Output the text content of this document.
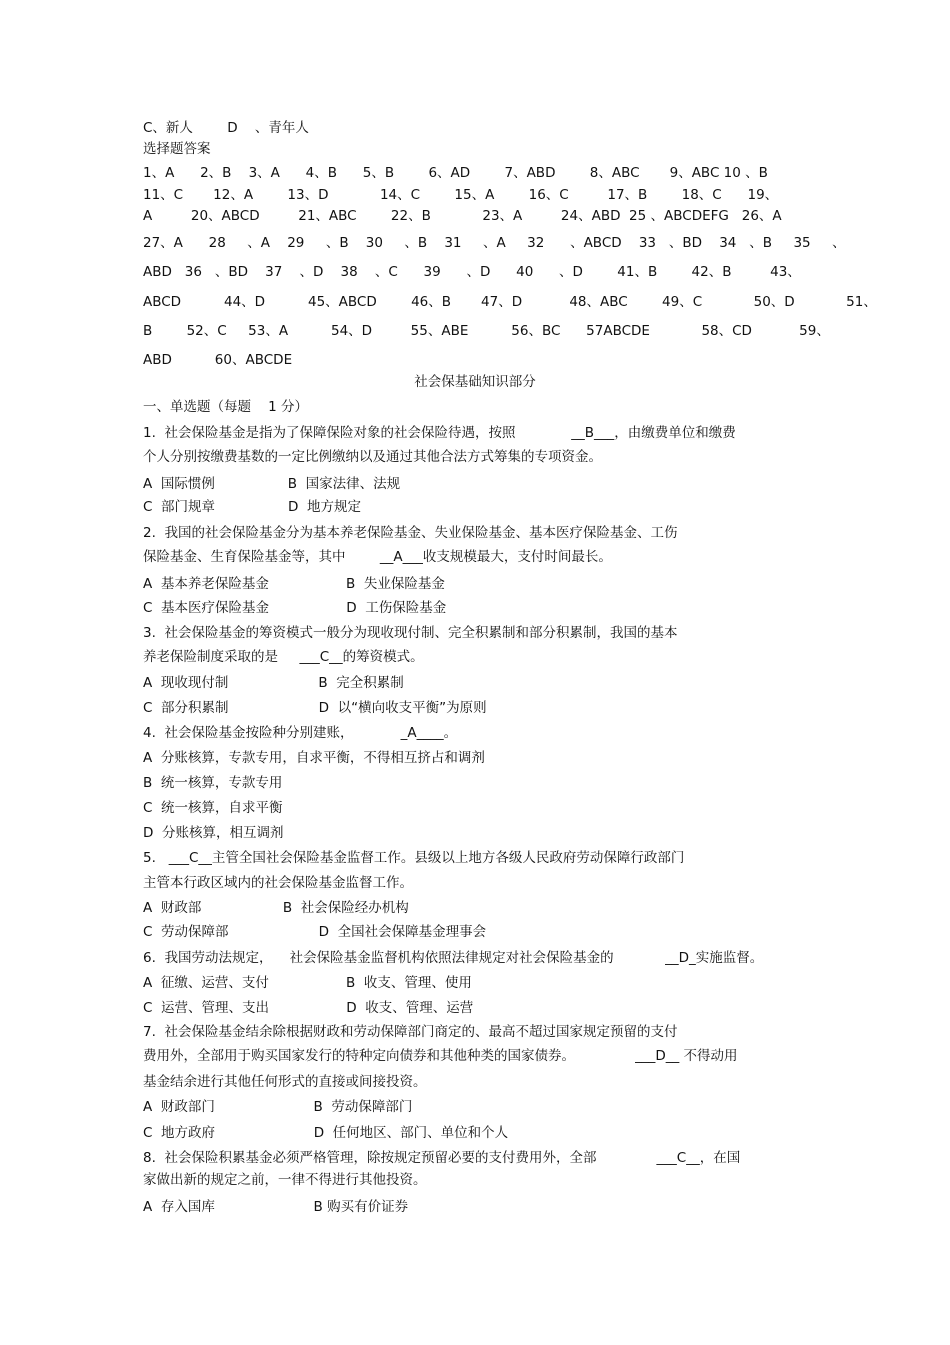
C、新人        D    、青年人
选择题答案
1、A      2、B    3、A      4、B      5、B        6、AD        7、ABD        8、ABC       9、ABC 10 、B
11、C       12、A        13、D            14、C        15、A        16、C         17、B        18、C      19、
A         20、ABCD         21、ABC        22、B            23、A         24、ABD  25 、ABCDEFG   26、A
27、A      28     、A    29     、B    30     、B    31     、A     32      、ABCD    33   、BD    34   、B     35     、
ABD   36   、BD    37    、D    38    、C      39      、D      40      、D        41、B        42、B         43、
ABCD          44、D          45、ABCD        46、B       47、D           48、ABC        49、C            50、D            51、
B        52、C     53、A          54、D         55、ABE          56、BC      57ABCDE            58、CD           59、
ABD          60、ABCDE
社会保基础知识部分
一、单选题（每题    1 分）
1.  社会保险基金是指为了保障保险对象的社会保险待遇，按照             __B___，由缴费单位和缴费
个人分别按缴费基数的一定比例缴纳以及通过其他合法方式筹集的专项资金。
A  国际惯例                 B  国家法律、法规
C  部门规章                 D  地方规定
2.  我国的社会保险基金分为基本养老保险基金、失业保险基金、基本医疗保险基金、工伤
保险基金、生育保险基金等，其中        __A___收支规模最大，支付时间最长。
A  基本养老保险基金                  B  失业保险基金
C  基本医疗保险基金                  D  工伤保险基金
3.  社会保险基金的筹资模式一般分为现收现付制、完全积累制和部分积累制，我国的基本
养老保险制度采取的是     ___C__的筹资模式。
A  现收现付制                     B  完全积累制
C  部分积累制                     D  以“横向收支平衡”为原则
4.  社会保险基金按险种分别建账，           _A____。
A  分账核算，专款专用，自求平衡，不得相互挤占和调剂
B  统一核算，专款专用
C  统一核算，自求平衡
D  分账核算，相互调剂
5.   ___C__主管全国社会保险基金监督工作。县级以上地方各级人民政府劳动保障行政部门
主管本行政区域内的社会保险基金监督工作。
A  财政部                   B  社会保险经办机构
C  劳动保障部                     D  全国社会保障基金理事会
6.  我国劳动法规定，    社会保险基金监督机构依照法律规定对社会保险基金的            __D_实施监督。
A  征缴、运营、支付                  B  收支、管理、使用
C  运营、管理、支出                  D  收支、管理、运营
7.  社会保险基金结余除根据财政和劳动保障部门商定的、最高不超过国家规定预留的支付
费用外，全部用于购买国家发行的特种定向债券和其他种类的国家债券。              ___D__ 不得动用
基金结余进行其他任何形式的直接或间接投资。
A  财政部门                       B  劳动保障部门
C  地方政府                       D  任何地区、部门、单位和个人
8.  社会保险积累基金必须严格管理，除按规定预留必要的支付费用外，全部              ___C__，在国
家做出新的规定之前，一律不得进行其他投资。
A  存入国库                       B 购买有价证券
